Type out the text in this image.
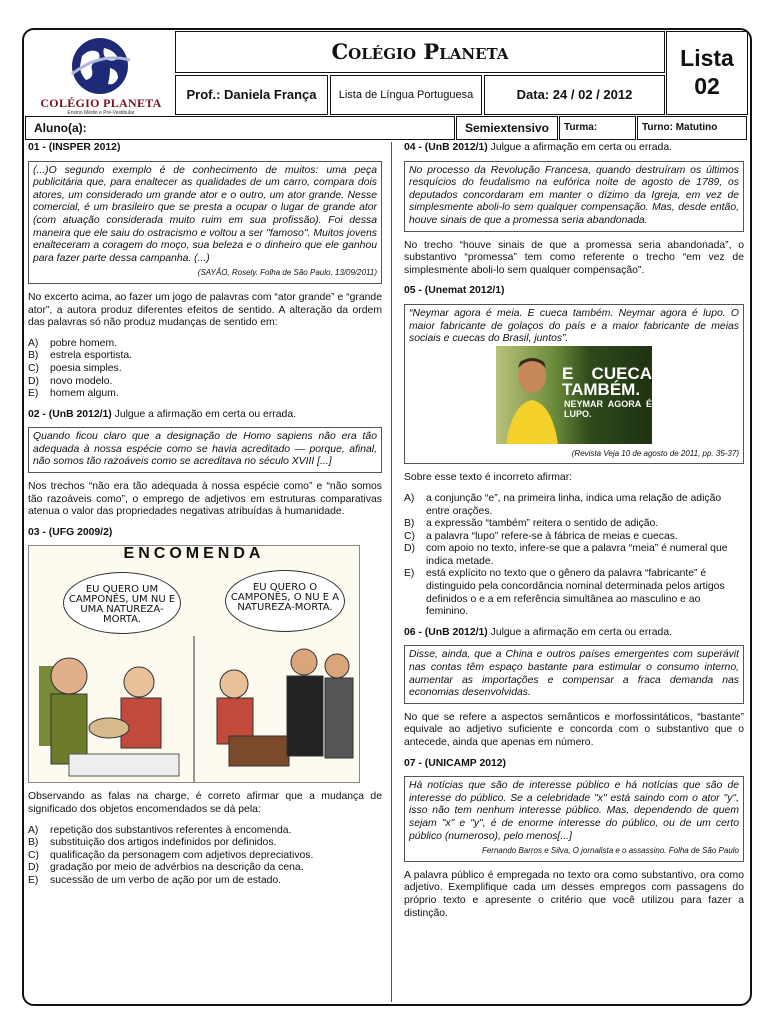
COLÉGIO PLANETA
Ensino Médio e Pré-Vestibular
Colégio Planeta	Lista
02
Prof.: Daniela França	Lista de Língua Portuguesa	Data: 24 / 02 / 2012
Aluno(a):	Semiextensivo	Turma:	Turno: Matutino
01 - (INSPER 2012)
(...)O segundo exemplo é de conhecimento de muitos: uma peça publicitária que, para enaltecer as qualidades de um carro, compara dois atores, um considerado um grande ator e o outro, um ator grande. Nesse comercial, é um brasileiro que se presta a ocupar o lugar de grande ator (com atuação considerada muito ruim em sua profissão). Foi dessa maneira que ele saiu do ostracismo e voltou a ser "famoso". Muitos jovens enalteceram a coragem do moço, sua beleza e o dinheiro que ele ganhou para fazer parte dessa campanha. (...)
(SAYÃO, Rosely. Folha de São Paulo, 13/09/2011)

No excerto acima, ao fazer um jogo de palavras com “ator grande” e “grande ator”, a autora produz diferentes efeitos de sentido. A alteração da ordem das palavras só não produz mudanças de sentido em:

A)	pobre homem.
B)	estrela esportista.
C)	poesia simples.
D)	novo modelo.
E)	homem algum.
02 - (UnB 2012/1) Julgue a afirmação em certa ou errada.
Quando ficou claro que a designação de Homo sapiens não era tão adequada à nossa espécie como se havia acreditado — porque, afinal, não somos tão razoáveis como se acreditava no século XVIII [...]

Nos trechos “não era tão adequada à nossa espécie como” e “não somos tão razoáveis como”, o emprego de adjetivos em estruturas comparativas atenua o valor das propriedades negativas atribuídas à humanidade.

03 - (UFG 2009/2)
ENCOMENDA
EU QUERO UM CAMPONÊS, UM NU E UMA NATUREZA-MORTA.
EU QUERO O CAMPONÊS, O NU E A NATUREZA-MORTA.

Observando as falas na charge, é correto afirmar que a mudança de significado dos objetos encomendados se dá pela:

A)	repetição dos substantivos referentes à encomenda.
B)	substituição dos artigos indefinidos por definidos.
C)	qualificação da personagem com adjetivos depreciativos.
D)	gradação por meio de advérbios na descrição da cena.
E)	sucessão de um verbo de ação por um de estado.
04 - (UnB 2012/1) Julgue a afirmação em certa ou errada.
No processo da Revolução Francesa, quando destruíram os últimos resquícios do feudalismo na eufórica noite de agosto de 1789, os deputados concordaram em manter o dízimo da Igreja, em vez de simplesmente aboli-lo sem qualquer compensação. Mas, desde então, houve sinais de que a promessa seria abandonada.

No trecho “houve sinais de que a promessa seria abandonada”, o substantivo “promessa” tem como referente o trecho “em vez de simplesmente aboli-lo sem qualquer compensação”.

05 - (Unemat 2012/1)
“Neymar agora é meia. E cueca também. Neymar agora é lupo. O maior fabricante de golaços do país e a maior fabricante de meias sociais e cuecas do Brasil, juntos”.
E CUECA TAMBÉM.
NEYMAR AGORA É LUPO.
(Revista Veja 10 de agosto de 2011, pp. 35-37)

Sobre esse texto é incorreto afirmar:

A)	a conjunção “e”, na primeira linha, indica uma relação de adição entre orações.
B)	a expressão “também” reitera o sentido de adição.
C)	a palavra “lupo” refere-se à fábrica de meias e cuecas.
D)	com apoio no texto, infere-se que a palavra “meia” é numeral que indica metade.
E)	está explícito no texto que o gênero da palavra “fabricante” é distinguido pela concordância nominal determinada pelos artigos definidos o e a em referência simultânea ao masculino e ao feminino.
06 - (UnB 2012/1) Julgue a afirmação em certa ou errada.
Disse, ainda, que a China e outros países emergentes com superávit nas contas têm espaço bastante para estimular o consumo interno, aumentar as importações e compensar a fraca demanda nas economias desenvolvidas.

No que se refere a aspectos semânticos e morfossintáticos, “bastante” equivale ao adjetivo suficiente e concorda com o substantivo que o antecede, ainda que apenas em número.

07 - (UNICAMP 2012)
Há notícias que são de interesse público e há notícias que são de interesse do público. Se a celebridade "x" está saindo com o ator "y", isso não tem nenhum interesse público. Mas, dependendo de quem sejam "x" e "y", é de enorme interesse do público, ou de um certo público (numeroso), pelo menos[...]
Fernando Barros e Silva, O jornalista e o assassino. Folha de São Paulo

A palavra público é empregada no texto ora como substantivo, ora como adjetivo. Exemplifique cada um desses empregos com passagens do próprio texto e apresente o critério que você utilizou para fazer a distinção.
